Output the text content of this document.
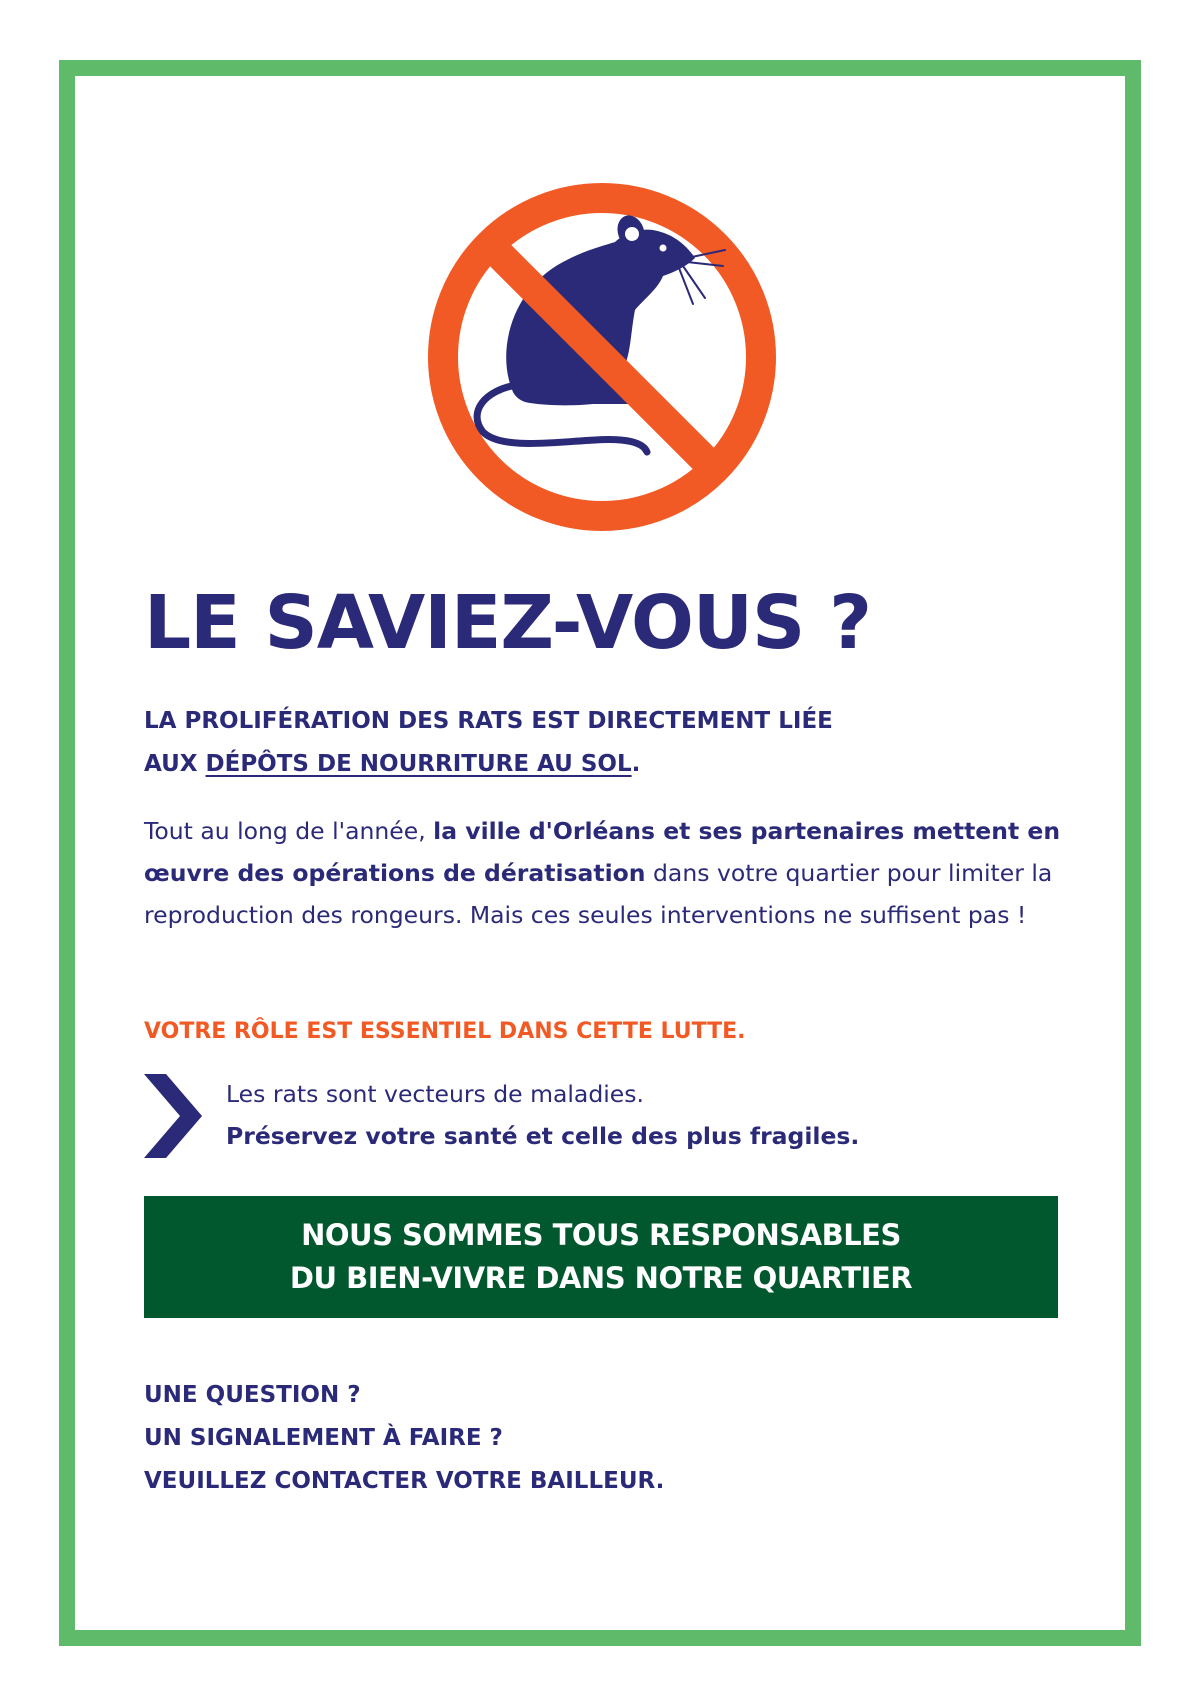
LE SAVIEZ-VOUS ?
LA PROLIFÉRATION DES RATS EST DIRECTEMENT LIÉE
AUX DÉPÔTS DE NOURRITURE AU SOL.
Tout au long de l'année, la ville d'Orléans et ses partenaires mettent en œuvre des opérations de dératisation dans votre quartier pour limiter la reproduction des rongeurs. Mais ces seules interventions ne suffisent pas !
VOTRE RÔLE EST ESSENTIEL DANS CETTE LUTTE.
Les rats sont vecteurs de maladies.
Préservez votre santé et celle des plus fragiles.
NOUS SOMMES TOUS RESPONSABLES
DU BIEN-VIVRE DANS NOTRE QUARTIER
UNE QUESTION ?
UN SIGNALEMENT À FAIRE ?
VEUILLEZ CONTACTER VOTRE BAILLEUR.
